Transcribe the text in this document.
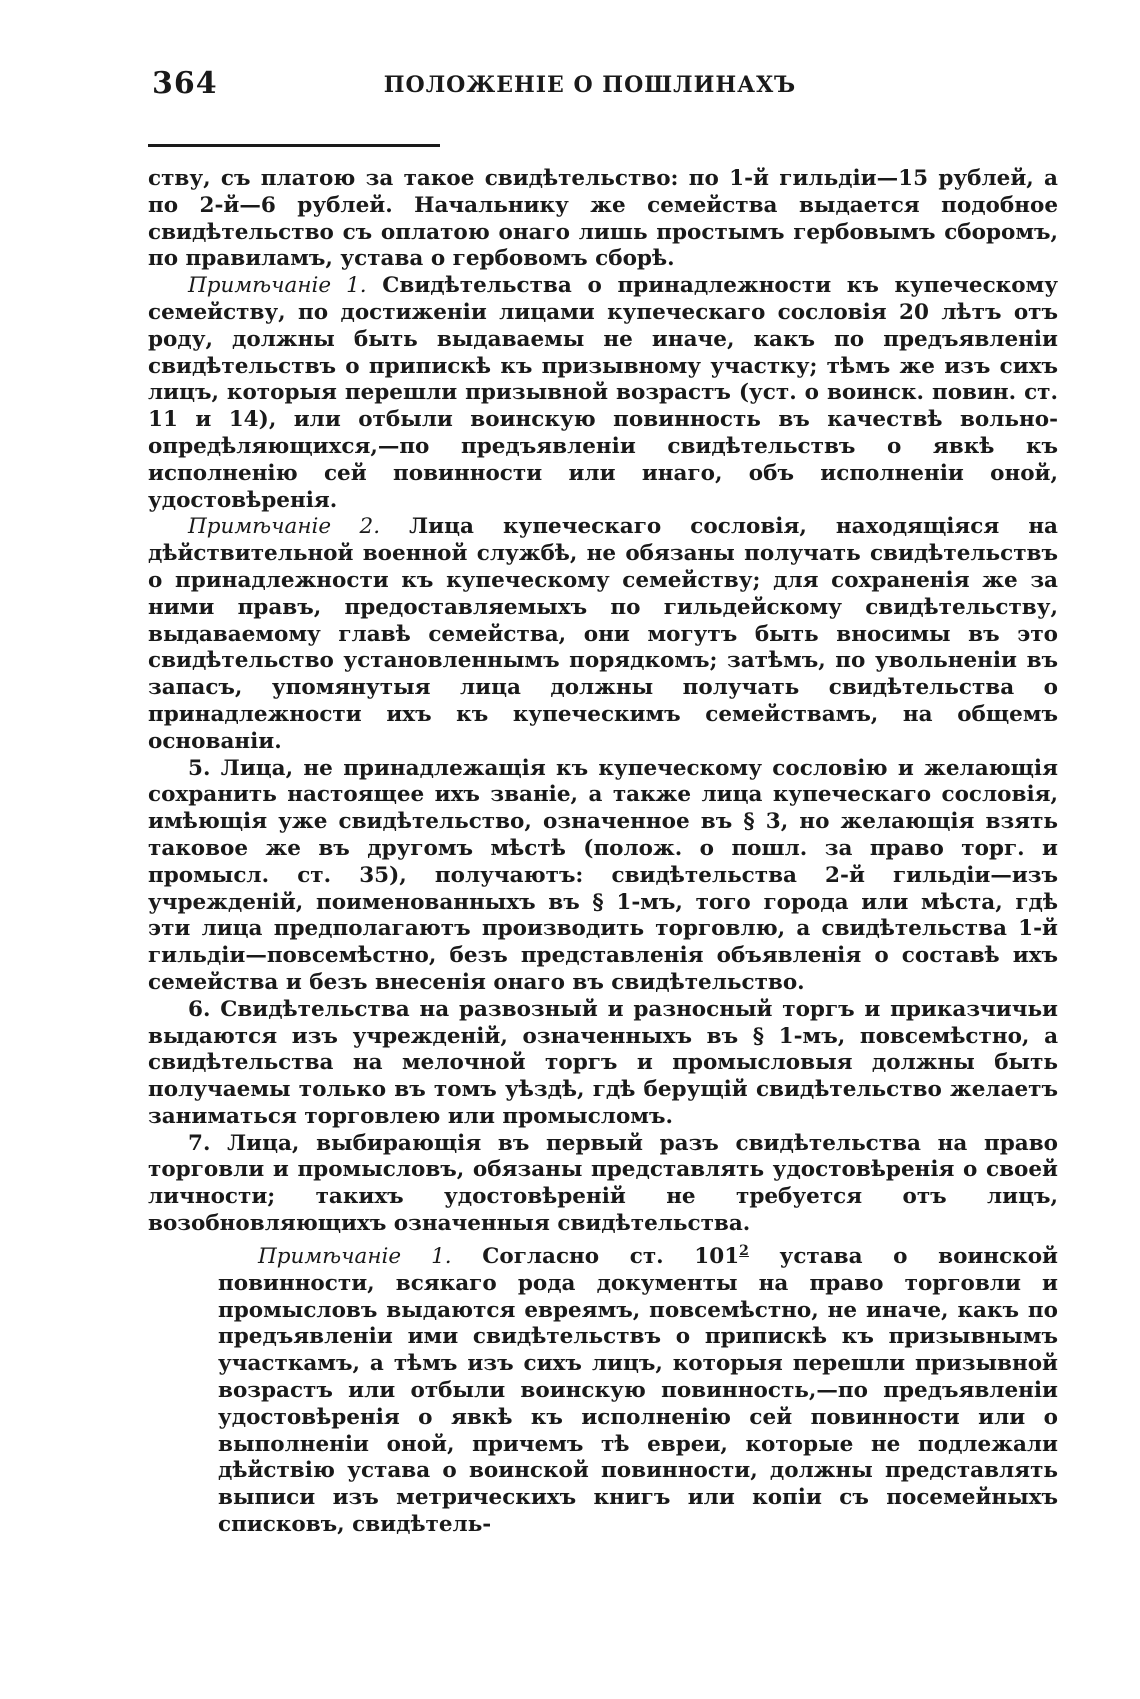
364	ПОЛОЖЕНІЕ О ПОШЛИНАХЪ

ству, съ платою за такое свидѣтельство: по 1-й гильдіи—15 рублей, а по 2-й—6 рублей. Начальнику же семейства выдается подобное свидѣтельство съ оплатою онаго лишь простымъ гербовымъ сборомъ, по правиламъ, устава о гербовомъ сборѣ.

Примѣчаніе 1. Свидѣтельства о принадлежности къ купеческому семейству, по достиженіи лицами купеческаго сословія 20 лѣтъ отъ роду, должны быть выдаваемы не иначе, какъ по предъявленіи свидѣтельствъ о припискѣ къ призывному участку; тѣмъ же изъ сихъ лицъ, которыя перешли призывной возрастъ (уст. о воинск. повин. ст. 11 и 14), или отбыли воинскую повинность въ качествѣ вольно-опредѣляющихся,—по предъявленіи свидѣтельствъ о явкѣ къ исполненію сей повинности или инаго, объ исполненіи оной, удостовѣренія.

Примѣчаніе 2. Лица купеческаго сословія, находящіяся на дѣйствительной военной службѣ, не обязаны получать свидѣтельствъ о принадлежности къ купеческому семейству; для сохраненія же за ними правъ, предоставляемыхъ по гильдейскому свидѣтельству, выдаваемому главѣ семейства, они могутъ быть вносимы въ это свидѣтельство установленнымъ порядкомъ; затѣмъ, по увольненіи въ запасъ, упомянутыя лица должны получать свидѣтельства о принадлежности ихъ къ купеческимъ семействамъ, на общемъ основаніи.

5. Лица, не принадлежащія къ купеческому сословію и желающія сохранить настоящее ихъ званіе, а также лица купеческаго сословія, имѣющія уже свидѣтельство, означенное въ § 3, но желающія взять таковое же въ другомъ мѣстѣ (полож. о пошл. за право торг. и промысл. ст. 35), получаютъ: свидѣтельства 2-й гильдіи—изъ учрежденій, поименованныхъ въ § 1-мъ, того города или мѣста, гдѣ эти лица предполагаютъ производить торговлю, а свидѣтельства 1-й гильдіи—повсемѣстно, безъ представленія объявленія о составѣ ихъ семейства и безъ внесенія онаго въ свидѣтельство.

6. Свидѣтельства на развозный и разносный торгъ и приказчичьи выдаются изъ учрежденій, означенныхъ въ § 1-мъ, повсемѣстно, а свидѣтельства на мелочной торгъ и промысловыя должны быть получаемы только въ томъ уѣздѣ, гдѣ берущій свидѣтельство желаетъ заниматься торговлею или промысломъ.

7. Лица, выбирающія въ первый разъ свидѣтельства на право торговли и промысловъ, обязаны представлять удостовѣренія о своей личности; такихъ удостовѣреній не требуется отъ лицъ, возобновляющихъ означенныя свидѣтельства.

Примѣчаніе 1. Согласно ст. $101^2$ устава о воинской повинности, всякаго рода документы на право торговли и промысловъ выдаются евреямъ, повсемѣстно, не иначе, какъ по предъявленіи ими свидѣтельствъ о припискѣ къ призывнымъ участкамъ, а тѣмъ изъ сихъ лицъ, которыя перешли призывной возрастъ или отбыли воинскую повинность,—по предъявленіи удостовѣренія о явкѣ къ исполненію сей повинности или о выполненіи оной, причемъ тѣ евреи, которые не подлежали дѣйствію устава о воинской повинности, должны представлять выписи изъ метрическихъ книгъ или копіи съ посемейныхъ списковъ, свидѣтель-
